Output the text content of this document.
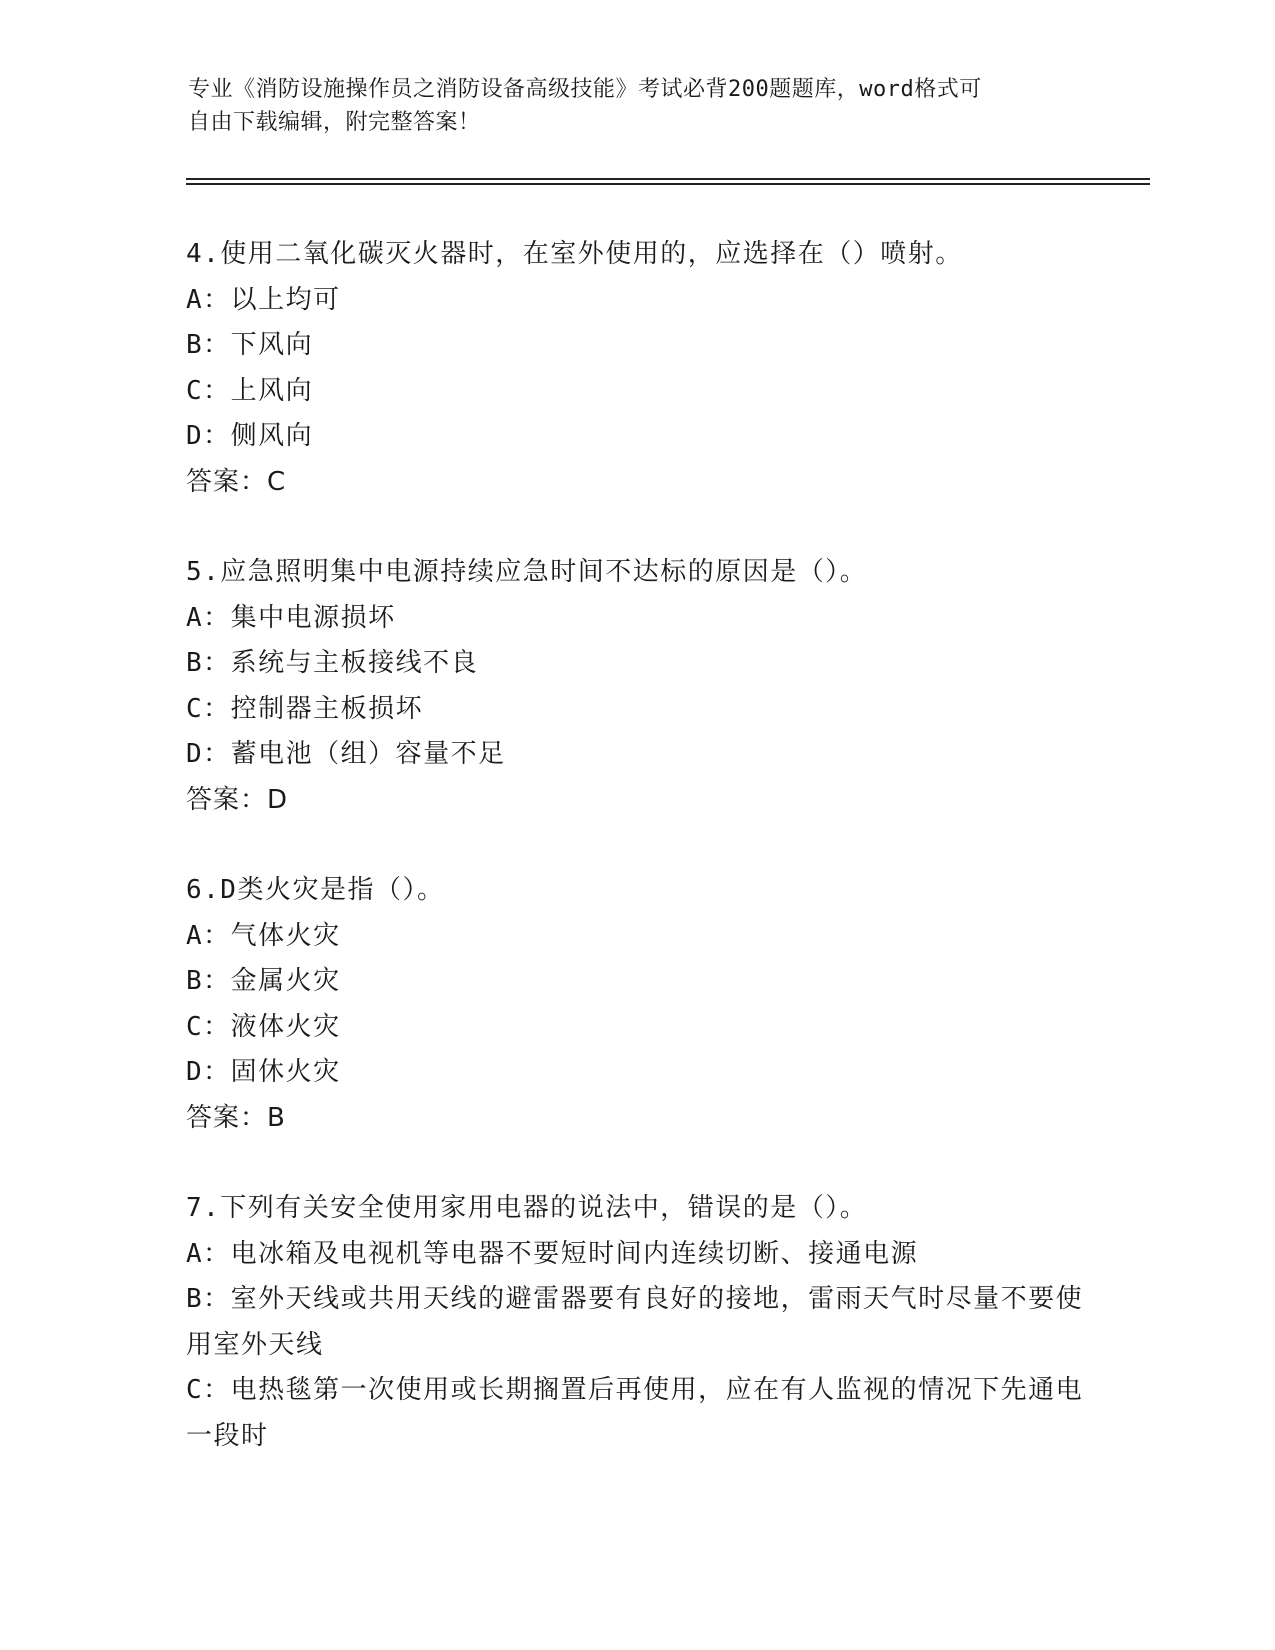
专业《消防设施操作员之消防设备高级技能》考试必背200题题库，word格式可
自由下载编辑，附完整答案！
4.使用二氧化碳灭火器时，在室外使用的，应选择在（）喷射。
A：以上均可
B：下风向
C：上风向
D：侧风向
答案：C
5.应急照明集中电源持续应急时间不达标的原因是（）。
A：集中电源损坏
B：系统与主板接线不良
C：控制器主板损坏
D：蓄电池（组）容量不足
答案：D
6.D类火灾是指（）。
A：气体火灾
B：金属火灾
C：液体火灾
D：固休火灾
答案：B
7.下列有关安全使用家用电器的说法中，错误的是（）。
A：电冰箱及电视机等电器不要短时间内连续切断、接通电源
B：室外天线或共用天线的避雷器要有良好的接地，雷雨天气时尽量不要使用室外天线
C：电热毯第一次使用或长期搁置后再使用，应在有人监视的情况下先通电一段时
